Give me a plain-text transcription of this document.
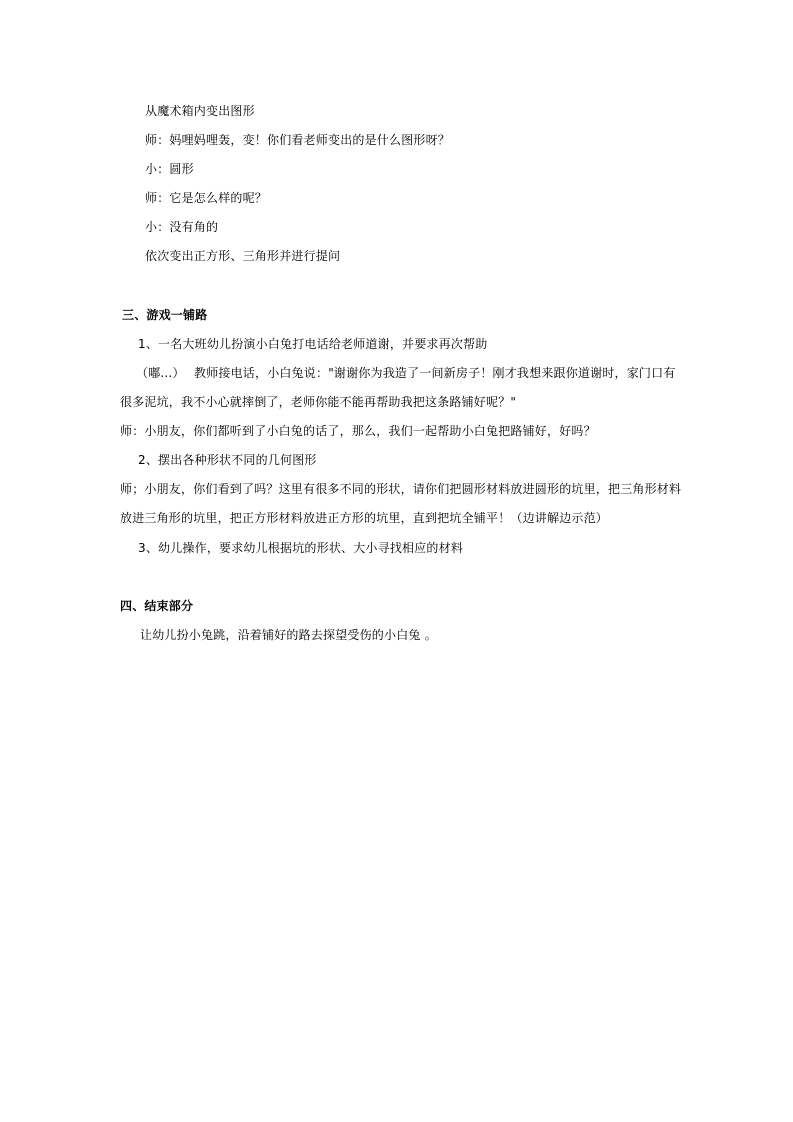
从魔术箱内变出图形
师：妈哩妈哩轰，变！你们看老师变出的是什么图形呀？
小：圆形
师：它是怎么样的呢？
小：没有角的
依次变出正方形、三角形并进行提问
三、游戏一铺路
1、一名大班幼儿扮演小白兔打电话给老师道谢，并要求再次帮助
（嘟...） 教师接电话，小白兔说："谢谢你为我造了一间新房子！刚才我想来跟你道谢时，家门口有
很多泥坑，我不小心就摔倒了，老师你能不能再帮助我把这条路铺好呢？"
师：小朋友，你们都听到了小白兔的话了，那么，我们一起帮助小白兔把路铺好，好吗？
2、摆出各种形状不同的几何图形
师；小朋友，你们看到了吗？这里有很多不同的形状，请你们把圆形材料放进圆形的坑里，把三角形材料
放进三角形的坑里，把正方形材料放进正方形的坑里，直到把坑全铺平！（边讲解边示范）
3、幼儿操作，要求幼儿根据坑的形状、大小寻找相应的材料
四、结束部分
让幼儿扮小兔跳，沿着铺好的路去探望受伤的小白兔 。
